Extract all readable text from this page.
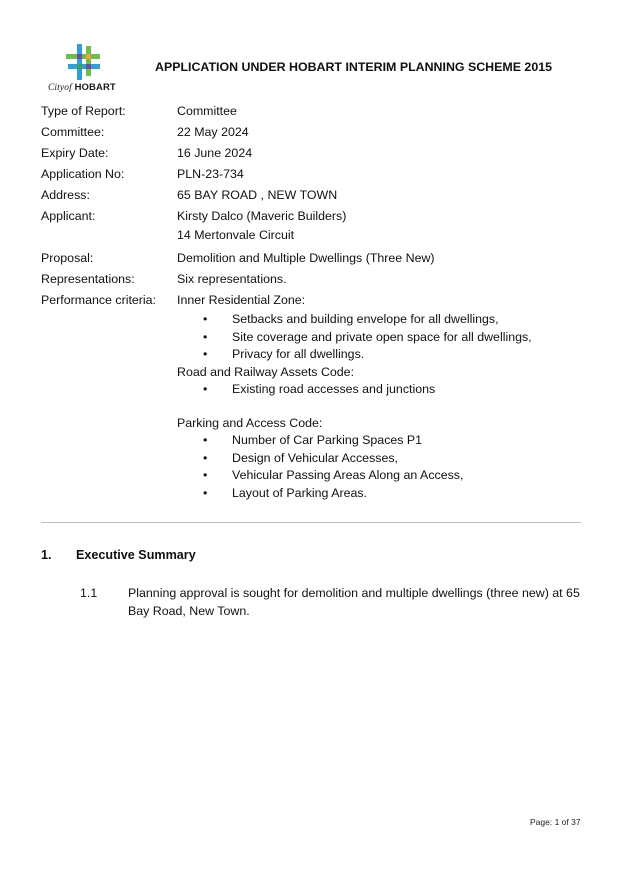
Cityof HOBART
APPLICATION UNDER HOBART INTERIM PLANNING SCHEME 2015
Type of Report:	Committee
Committee:	22 May 2024
Expiry Date:	16 June 2024
Application No:	PLN-23-734
Address:	65 BAY ROAD , NEW TOWN
Applicant:	Kirsty Dalco (Maveric Builders)
14 Mertonvale Circuit
Proposal:	Demolition and Multiple Dwellings (Three New)
Representations:	Six representations.
Performance criteria:	Inner Residential Zone:
•	Setbacks and building envelope for all dwellings,
•	Site coverage and private open space for all dwellings,
•	Privacy for all dwellings.
Road and Railway Assets Code:
•	Existing road accesses and junctions
Parking and Access Code:
•	Number of Car Parking Spaces P1
•	Design of Vehicular Accesses,
•	Vehicular Passing Areas Along an Access,
•	Layout of Parking Areas.
1.	Executive Summary
1.1	Planning approval is sought for demolition and multiple dwellings (three new) at 65 Bay Road, New Town.
Page: 1 of 37
